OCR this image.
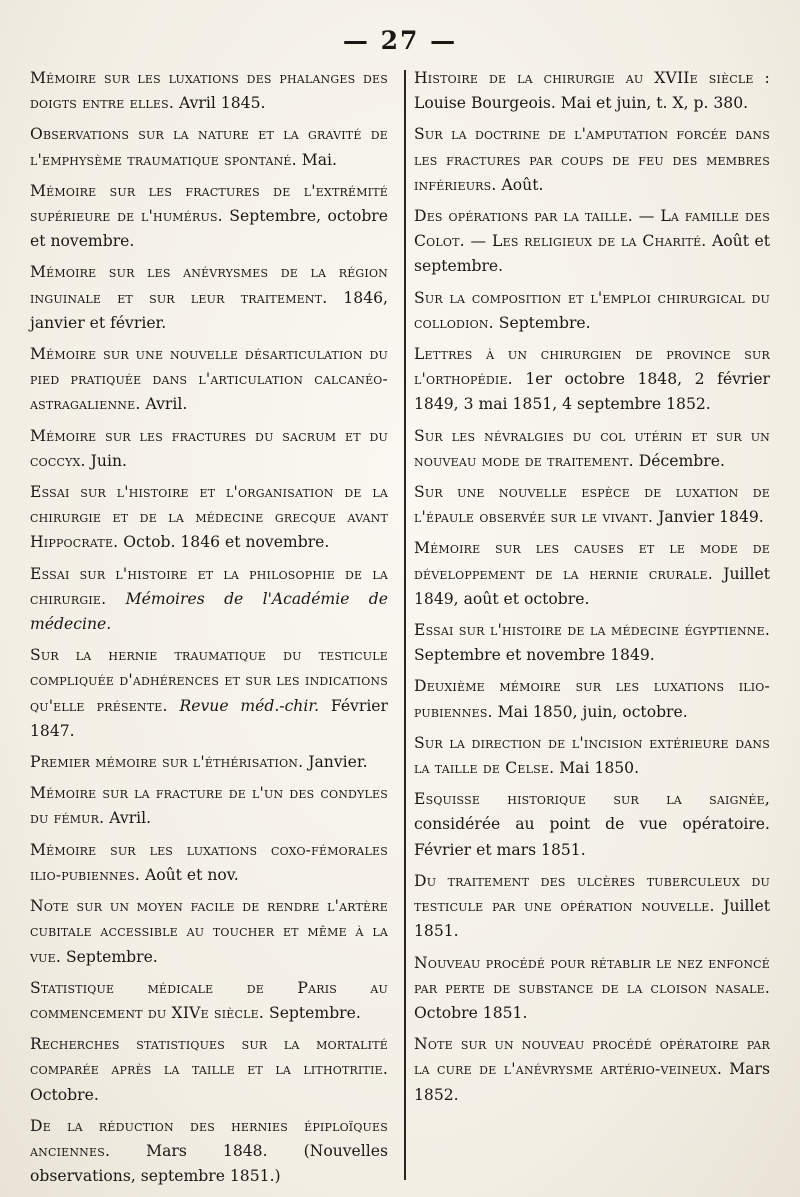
— 27 —

Mémoire sur les luxations des phalanges des doigts entre elles. Avril 1845.

Observations sur la nature et la gravité de l'emphysème traumatique spontané. Mai.

Mémoire sur les fractures de l'extrémité supérieure de l'humérus. Septembre, octobre et novembre.

Mémoire sur les anévrysmes de la région inguinale et sur leur traitement. 1846, janvier et février.

Mémoire sur une nouvelle désarticulation du pied pratiquée dans l'articulation calcanéo-astragalienne. Avril.

Mémoire sur les fractures du sacrum et du coccyx. Juin.

Essai sur l'histoire et l'organisation de la chirurgie et de la médecine grecque avant Hippocrate. Octob. 1846 et novembre.

Essai sur l'histoire et la philosophie de la chirurgie. Mémoires de l'Académie de médecine.

Sur la hernie traumatique du testicule compliquée d'adhérences et sur les indications qu'elle présente. Revue méd.-chir. Février 1847.

Premier mémoire sur l'éthérisation. Janvier.

Mémoire sur la fracture de l'un des condyles du fémur. Avril.

Mémoire sur les luxations coxo-fémorales ilio-pubiennes. Août et nov.

Note sur un moyen facile de rendre l'artère cubitale accessible au toucher et même à la vue. Septembre.

Statistique médicale de Paris au commencement du XIVe siècle. Septembre.

Recherches statistiques sur la mortalité comparée après la taille et la lithotritie. Octobre.

De la réduction des hernies épiploïques anciennes. Mars 1848. (Nouvelles observations, septembre 1851.)

Histoire de la chirurgie au XVIIe siècle : Louise Bourgeois. Mai et juin, t. X, p. 380.

Sur la doctrine de l'amputation forcée dans les fractures par coups de feu des membres inférieurs. Août.

Des opérations par la taille. — La famille des Colot. — Les religieux de la Charité. Août et septembre.

Sur la composition et l'emploi chirurgical du collodion. Septembre.

Lettres à un chirurgien de province sur l'orthopédie. 1er octobre 1848, 2 février 1849, 3 mai 1851, 4 septembre 1852.

Sur les névralgies du col utérin et sur un nouveau mode de traitement. Décembre.

Sur une nouvelle espèce de luxation de l'épaule observée sur le vivant. Janvier 1849.

Mémoire sur les causes et le mode de développement de la hernie crurale. Juillet 1849, août et octobre.

Essai sur l'histoire de la médecine égyptienne. Septembre et novembre 1849.

Deuxième mémoire sur les luxations ilio-pubiennes. Mai 1850, juin, octobre.

Sur la direction de l'incision extérieure dans la taille de Celse. Mai 1850.

Esquisse historique sur la saignée, considérée au point de vue opératoire. Février et mars 1851.

Du traitement des ulcères tuberculeux du testicule par une opération nouvelle. Juillet 1851.

Nouveau procédé pour rétablir le nez enfoncé par perte de substance de la cloison nasale. Octobre 1851.

Note sur un nouveau procédé opératoire par la cure de l'anévrysme artério-veineux. Mars 1852.
